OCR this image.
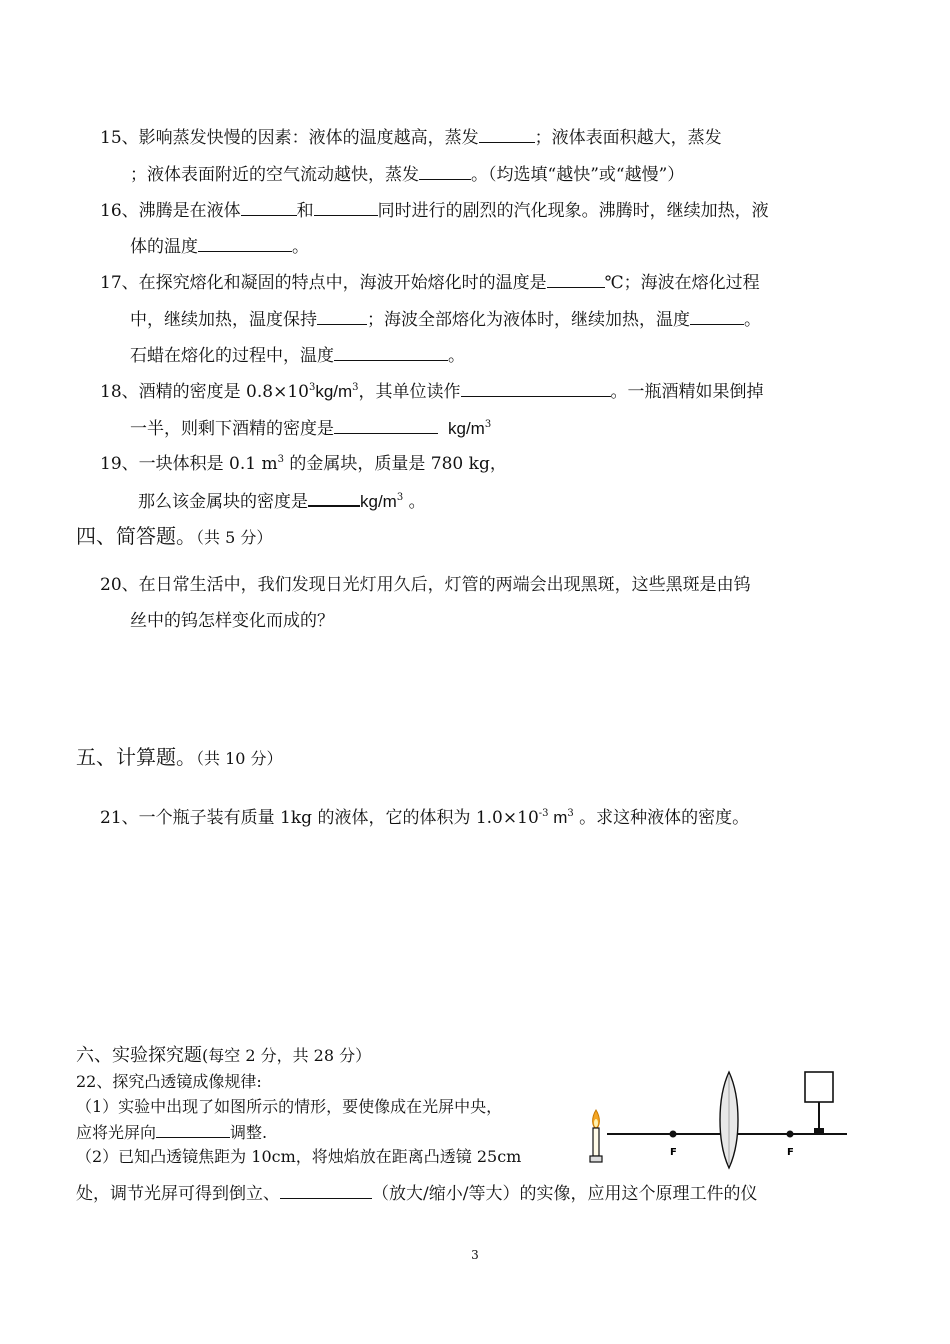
15、影响蒸发快慢的因素：液体的温度越高，蒸发	；液体表面积越大，蒸发
；液体表面附近的空气流动越快，蒸发	。（均选填“越快”或“越慢”）
16、沸腾是在液体	和	同时进行的剧烈的汽化现象。沸腾时，继续加热，液
体的温度	。
17、在探究熔化和凝固的特点中，海波开始熔化时的温度是	℃；海波在熔化过程
中，继续加热，温度保持	；海波全部熔化为液体时，继续加热，温度	。
石蜡在熔化的过程中，温度	。
18、酒精的密度是 $0.8\times 10^3kg/m^3$，其单位读作	。一瓶酒精如果倒掉
一半，则剩下酒精的密度是	$kg/m^3$
19、一块体积是 0.1 $m^3$ 的金属块，质量是 780 kg，
那么该金属块的密度是	$kg/m^3$ 。
四、简答题。（共 5 分）
20、在日常生活中，我们发现日光灯用久后，灯管的两端会出现黑斑，这些黑斑是由钨
丝中的钨怎样变化而成的？
五、计算题。（共 10 分）
21、一个瓶子装有质量 1kg 的液体，它的体积为 $1.0\times 10^{-3}$ $m^3$ 。求这种液体的密度。
六、实验探究题(每空 2 分，共 28 分）
22、探究凸透镜成像规律:
（1）实验中出现了如图所示的情形，要使像成在光屏中央，
应将光屏向	调整.
（2）已知凸透镜焦距为 10cm，将烛焰放在距离凸透镜 25cm
处，调节光屏可得到倒立、	（放大/缩小/等大）的实像，应用这个原理工件的仪
F	F
3
